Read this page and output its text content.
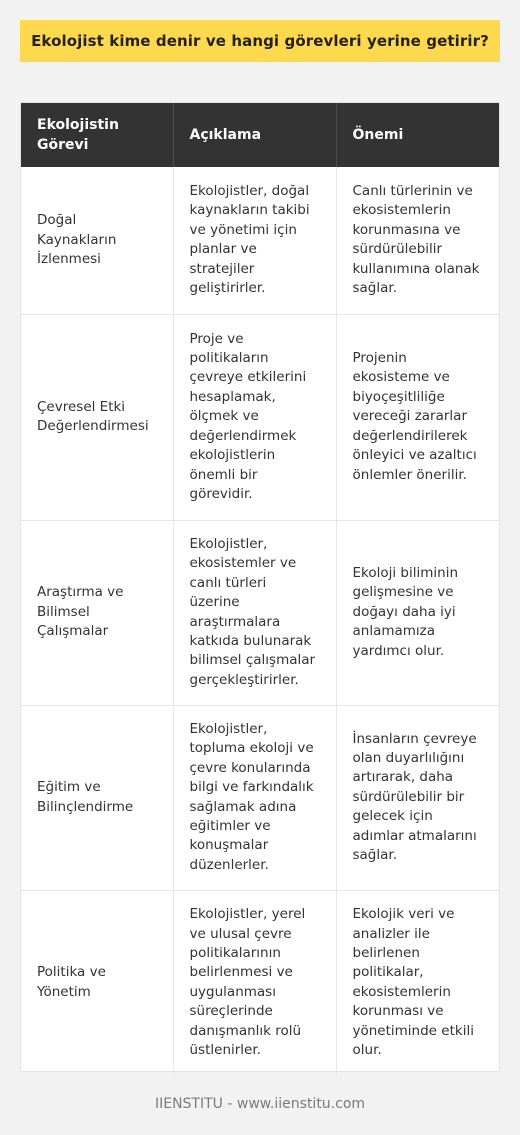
Ekolojist kime denir ve hangi görevleri yerine getirir?
Ekolojistin Görevi	Açıklama	Önemi
Doğal Kaynakların İzlenmesi	Ekolojistler, doğal kaynakların takibi ve yönetimi için planlar ve stratejiler geliştirirler.	Canlı türlerinin ve ekosistemlerin korunmasına ve sürdürülebilir kullanımına olanak sağlar.
Çevresel Etki Değerlendirmesi	Proje ve politikaların çevreye etkilerini hesaplamak, ölçmek ve değerlendirmek ekolojistlerin önemli bir görevidir.	Projenin ekosisteme ve biyoçeşitliliğe vereceği zararlar değerlendirilerek önleyici ve azaltıcı önlemler önerilir.
Araştırma ve Bilimsel Çalışmalar	Ekolojistler, ekosistemler ve canlı türleri üzerine araştırmalara katkıda bulunarak bilimsel çalışmalar gerçekleştirirler.	Ekoloji biliminin gelişmesine ve doğayı daha iyi anlamamıza yardımcı olur.
Eğitim ve Bilinçlendirme	Ekolojistler, topluma ekoloji ve çevre konularında bilgi ve farkındalık sağlamak adına eğitimler ve konuşmalar düzenlerler.	İnsanların çevreye olan duyarlılığını artırarak, daha sürdürülebilir bir gelecek için adımlar atmalarını sağlar.
Politika ve Yönetim	Ekolojistler, yerel ve ulusal çevre politikalarının belirlenmesi ve uygulanması süreçlerinde danışmanlık rolü üstlenirler.	Ekolojik veri ve analizler ile belirlenen politikalar, ekosistemlerin korunması ve yönetiminde etkili olur.
IIENSTITU - www.iienstitu.com
